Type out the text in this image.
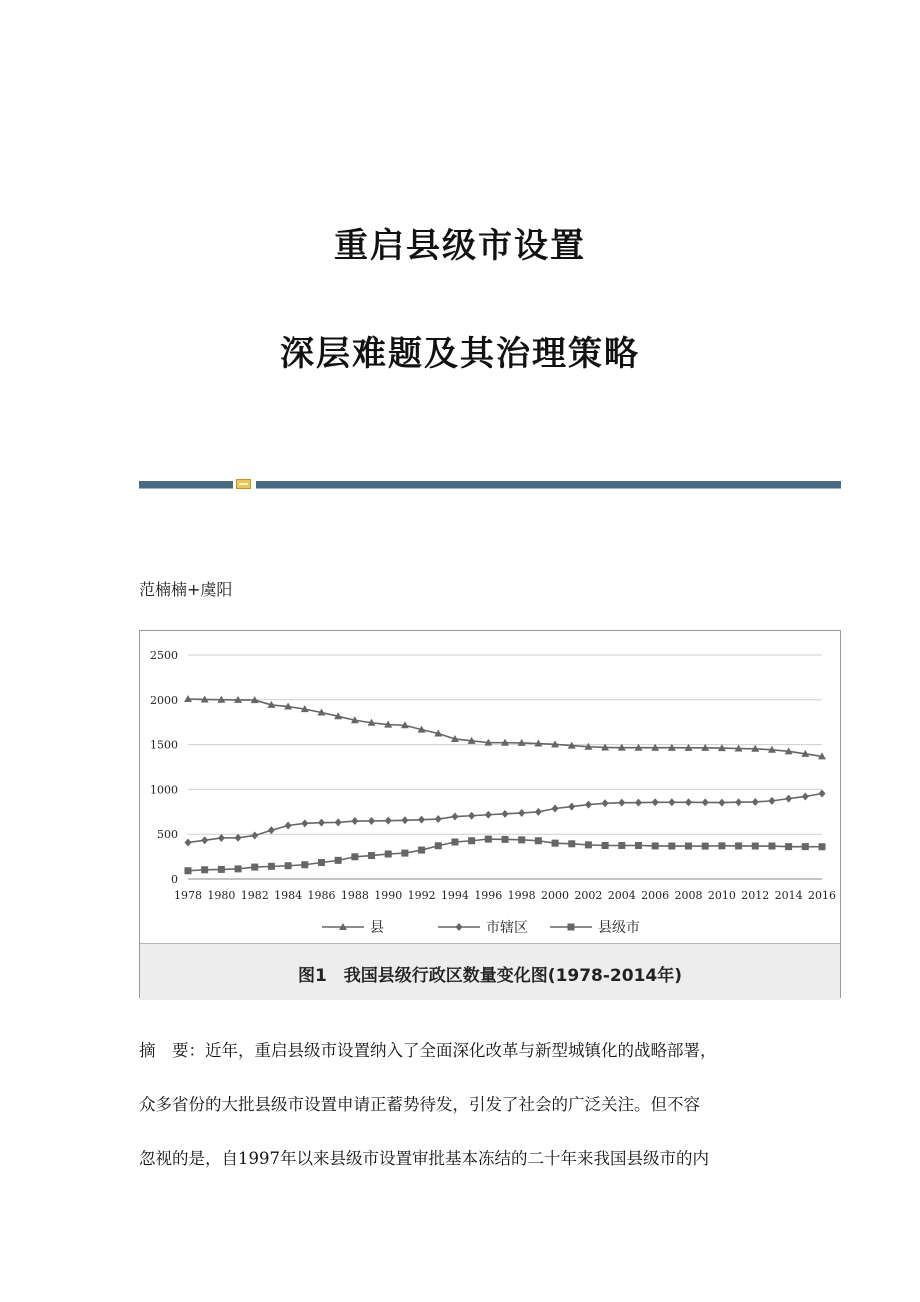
重启县级市设置
深层难题及其治理策略
范楠楠+虞阳
0
500
1000
1500
2000
2500
1978 1980 1982 1984 1986 1988 1990 1992 1994 1996 1998 2000 2002 2004 2006 2008 2010 2012 2014 2016
县	市辖区	县级市
图1　我国县级行政区数量变化图(1978-2014年)

摘　要：近年，重启县级市设置纳入了全面深化改革与新型城镇化的战略部署，

众多省份的大批县级市设置申请正蓄势待发，引发了社会的广泛关注。但不容

忽视的是，自1997年以来县级市设置审批基本冻结的二十年来我国县级市的内
